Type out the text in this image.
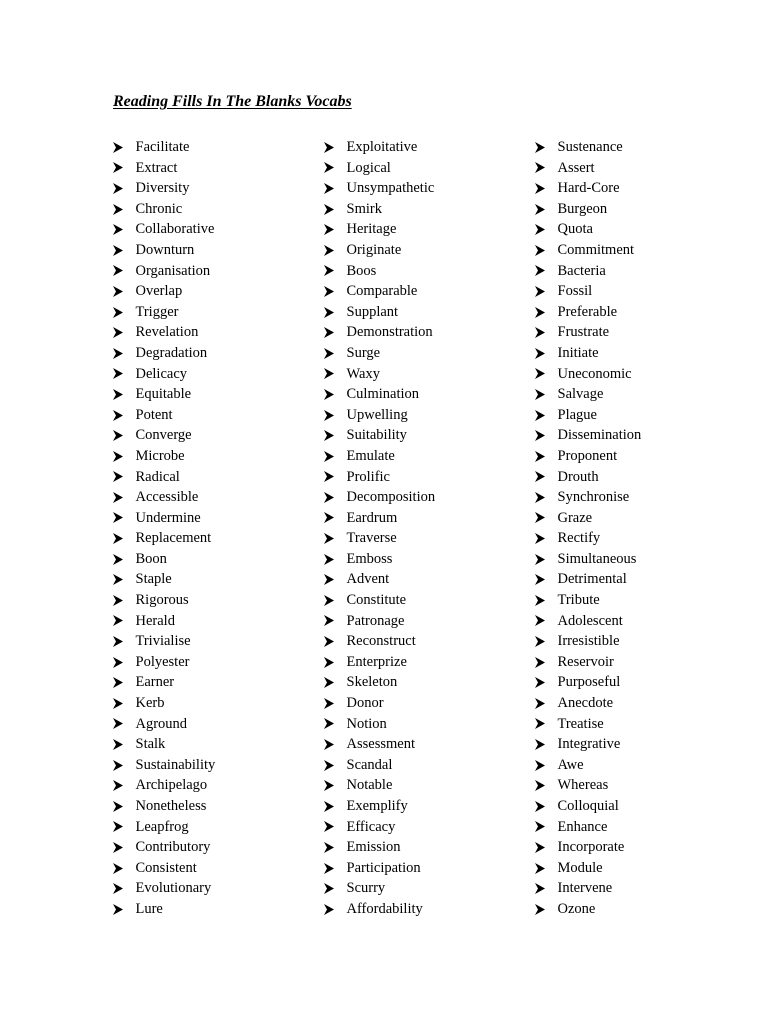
Reading Fills In The Blanks Vocabs
Facilitate
Extract
Diversity
Chronic
Collaborative
Downturn
Organisation
Overlap
Trigger
Revelation
Degradation
Delicacy
Equitable
Potent
Converge
Microbe
Radical
Accessible
Undermine
Replacement
Boon
Staple
Rigorous
Herald
Trivialise
Polyester
Earner
Kerb
Aground
Stalk
Sustainability
Archipelago
Nonetheless
Leapfrog
Contributory
Consistent
Evolutionary
Lure
Exploitative
Logical
Unsympathetic
Smirk
Heritage
Originate
Boos
Comparable
Supplant
Demonstration
Surge
Waxy
Culmination
Upwelling
Suitability
Emulate
Prolific
Decomposition
Eardrum
Traverse
Emboss
Advent
Constitute
Patronage
Reconstruct
Enterprize
Skeleton
Donor
Notion
Assessment
Scandal
Notable
Exemplify
Efficacy
Emission
Participation
Scurry
Affordability
Sustenance
Assert
Hard-Core
Burgeon
Quota
Commitment
Bacteria
Fossil
Preferable
Frustrate
Initiate
Uneconomic
Salvage
Plague
Dissemination
Proponent
Drouth
Synchronise
Graze
Rectify
Simultaneous
Detrimental
Tribute
Adolescent
Irresistible
Reservoir
Purposeful
Anecdote
Treatise
Integrative
Awe
Whereas
Colloquial
Enhance
Incorporate
Module
Intervene
Ozone
